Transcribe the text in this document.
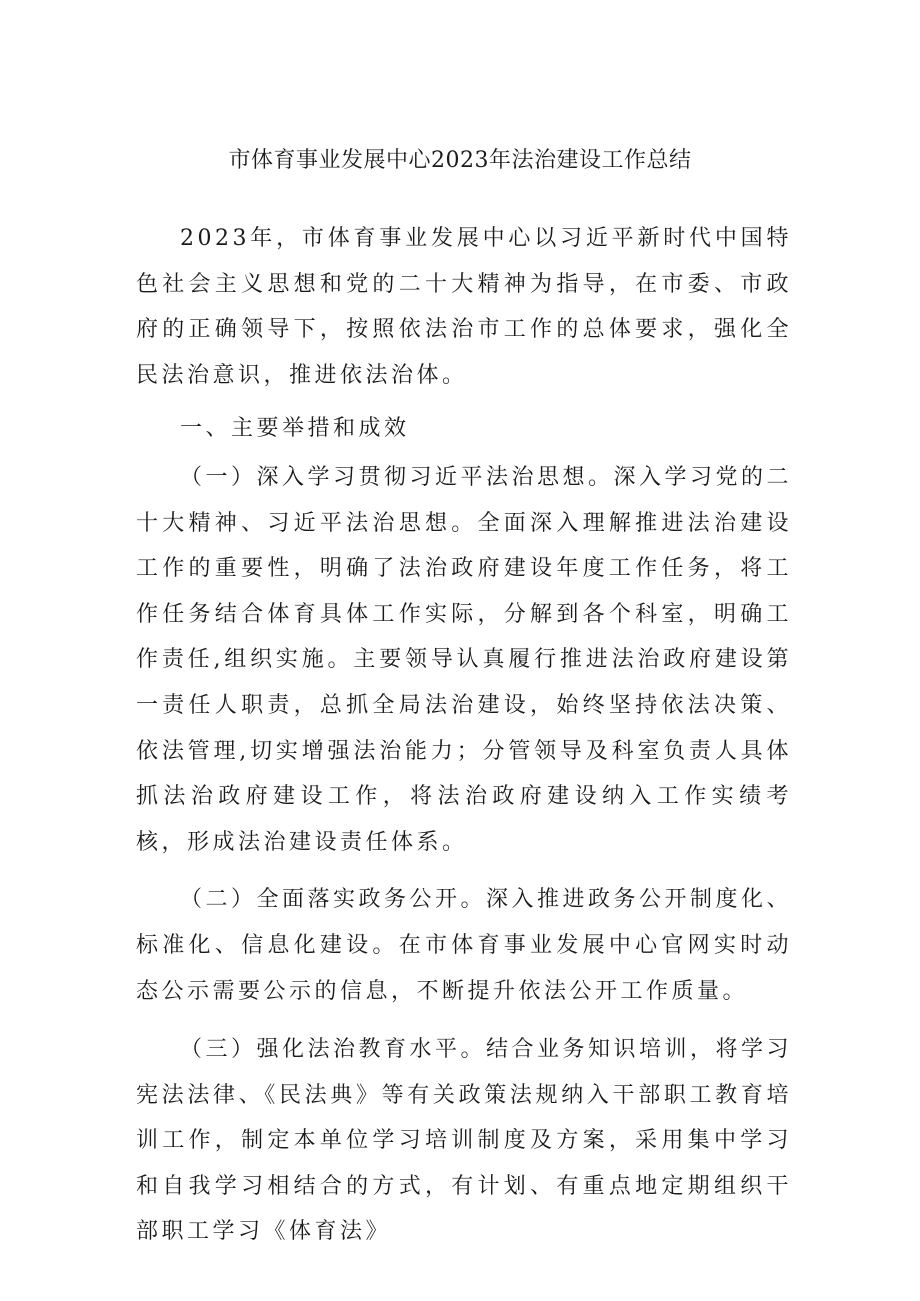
市体育事业发展中心2023年法治建设工作总结

2023年，市体育事业发展中心以习近平新时代中国特色社会主义思想和党的二十大精神为指导，在市委、市政府的正确领导下，按照依法治市工作的总体要求，强化全民法治意识，推进依法治体。

一、主要举措和成效

（一）深入学习贯彻习近平法治思想。深入学习党的二十大精神、习近平法治思想。全面深入理解推进法治建设工作的重要性，明确了法治政府建设年度工作任务，将工作任务结合体育具体工作实际，分解到各个科室，明确工作责任,组织实施。主要领导认真履行推进法治政府建设第一责任人职责，总抓全局法治建设，始终坚持依法决策、依法管理,切实增强法治能力；分管领导及科室负责人具体抓法治政府建设工作，将法治政府建设纳入工作实绩考核，形成法治建设责任体系。

（二）全面落实政务公开。深入推进政务公开制度化、标准化、信息化建设。在市体育事业发展中心官网实时动态公示需要公示的信息，不断提升依法公开工作质量。

（三）强化法治教育水平。结合业务知识培训，将学习宪法法律、《民法典》等有关政策法规纳入干部职工教育培训工作，制定本单位学习培训制度及方案，采用集中学习和自我学习相结合的方式，有计划、有重点地定期组织干部职工学习《体育法》
